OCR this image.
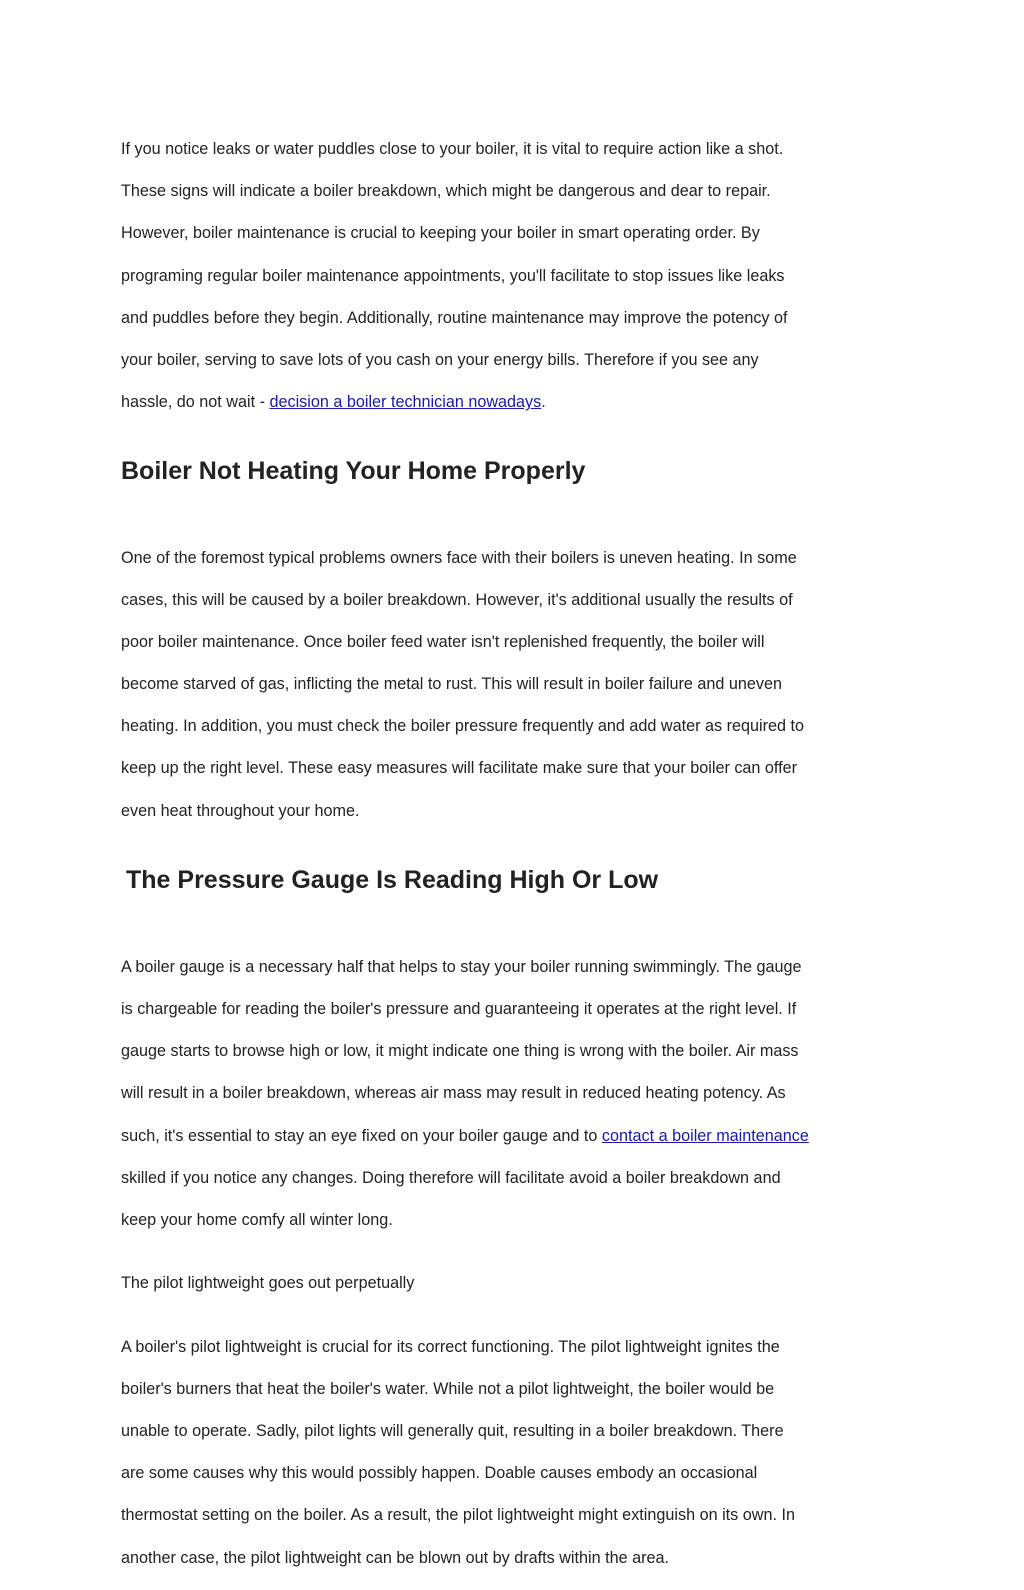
If you notice leaks or water puddles close to your boiler, it is vital to require action like a shot.

These signs will indicate a boiler breakdown, which might be dangerous and dear to repair.

However, boiler maintenance is crucial to keeping your boiler in smart operating order. By

programing regular boiler maintenance appointments, you'll facilitate to stop issues like leaks

and puddles before they begin. Additionally, routine maintenance may improve the potency of

your boiler, serving to save lots of you cash on your energy bills. Therefore if you see any

hassle, do not wait - decision a boiler technician nowadays.

Boiler Not Heating Your Home Properly

One of the foremost typical problems owners face with their boilers is uneven heating. In some

cases, this will be caused by a boiler breakdown. However, it's additional usually the results of

poor boiler maintenance. Once boiler feed water isn't replenished frequently, the boiler will

become starved of gas, inflicting the metal to rust. This will result in boiler failure and uneven

heating. In addition, you must check the boiler pressure frequently and add water as required to

keep up the right level. These easy measures will facilitate make sure that your boiler can offer

even heat throughout your home.

The Pressure Gauge Is Reading High Or Low

A boiler gauge is a necessary half that helps to stay your boiler running swimmingly. The gauge

is chargeable for reading the boiler's pressure and guaranteeing it operates at the right level. If

gauge starts to browse high or low, it might indicate one thing is wrong with the boiler. Air mass

will result in a boiler breakdown, whereas air mass may result in reduced heating potency. As

such, it's essential to stay an eye fixed on your boiler gauge and to contact a boiler maintenance

skilled if you notice any changes. Doing therefore will facilitate avoid a boiler breakdown and

keep your home comfy all winter long.

The pilot lightweight goes out perpetually

A boiler's pilot lightweight is crucial for its correct functioning. The pilot lightweight ignites the

boiler's burners that heat the boiler's water. While not a pilot lightweight, the boiler would be

unable to operate. Sadly, pilot lights will generally quit, resulting in a boiler breakdown. There

are some causes why this would possibly happen. Doable causes embody an occasional

thermostat setting on the boiler. As a result, the pilot lightweight might extinguish on its own. In

another case, the pilot lightweight can be blown out by drafts within the area.
